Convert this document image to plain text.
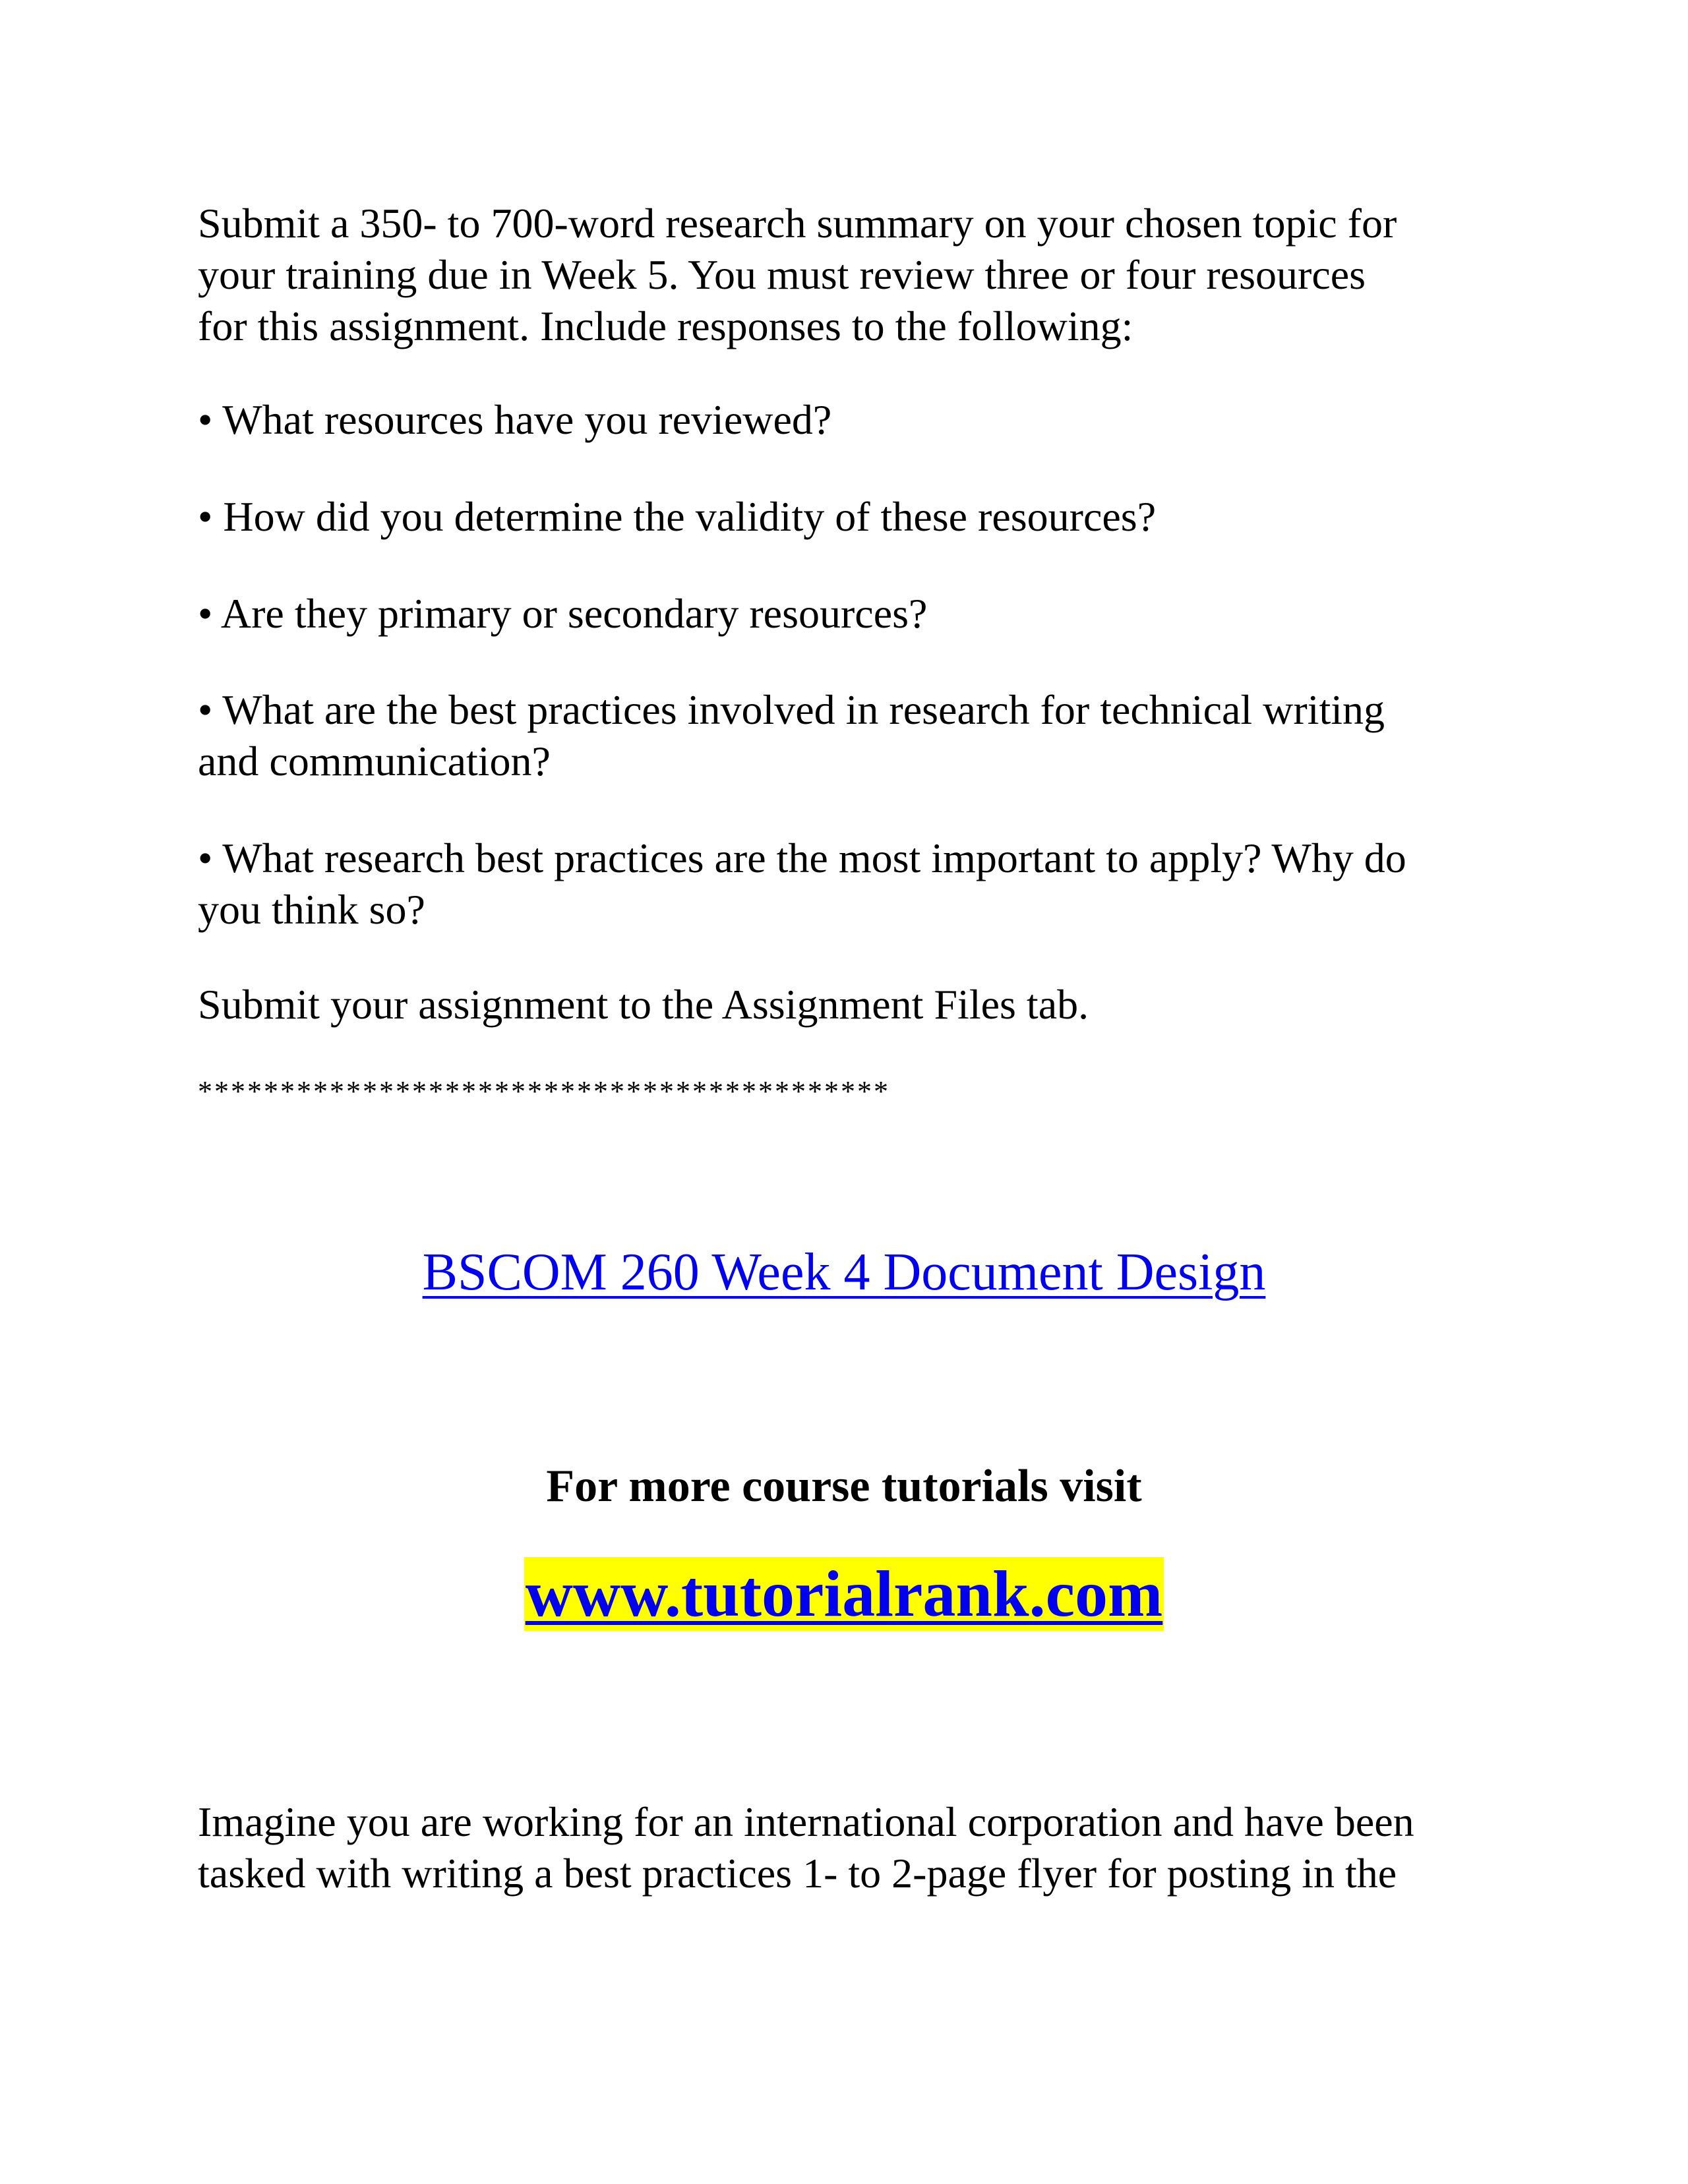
Submit a 350- to 700-word research summary on your chosen topic for
your training due in Week 5. You must review three or four resources
for this assignment. Include responses to the following:

• What resources have you reviewed?

• How did you determine the validity of these resources?

• Are they primary or secondary resources?

• What are the best practices involved in research for technical writing
and communication?

• What research best practices are the most important to apply? Why do
you think so?

Submit your assignment to the Assignment Files tab.

******************************************

BSCOM 260 Week 4 Document Design

For more course tutorials visit

www.tutorialrank.com

Imagine you are working for an international corporation and have been
tasked with writing a best practices 1- to 2-page flyer for posting in the
